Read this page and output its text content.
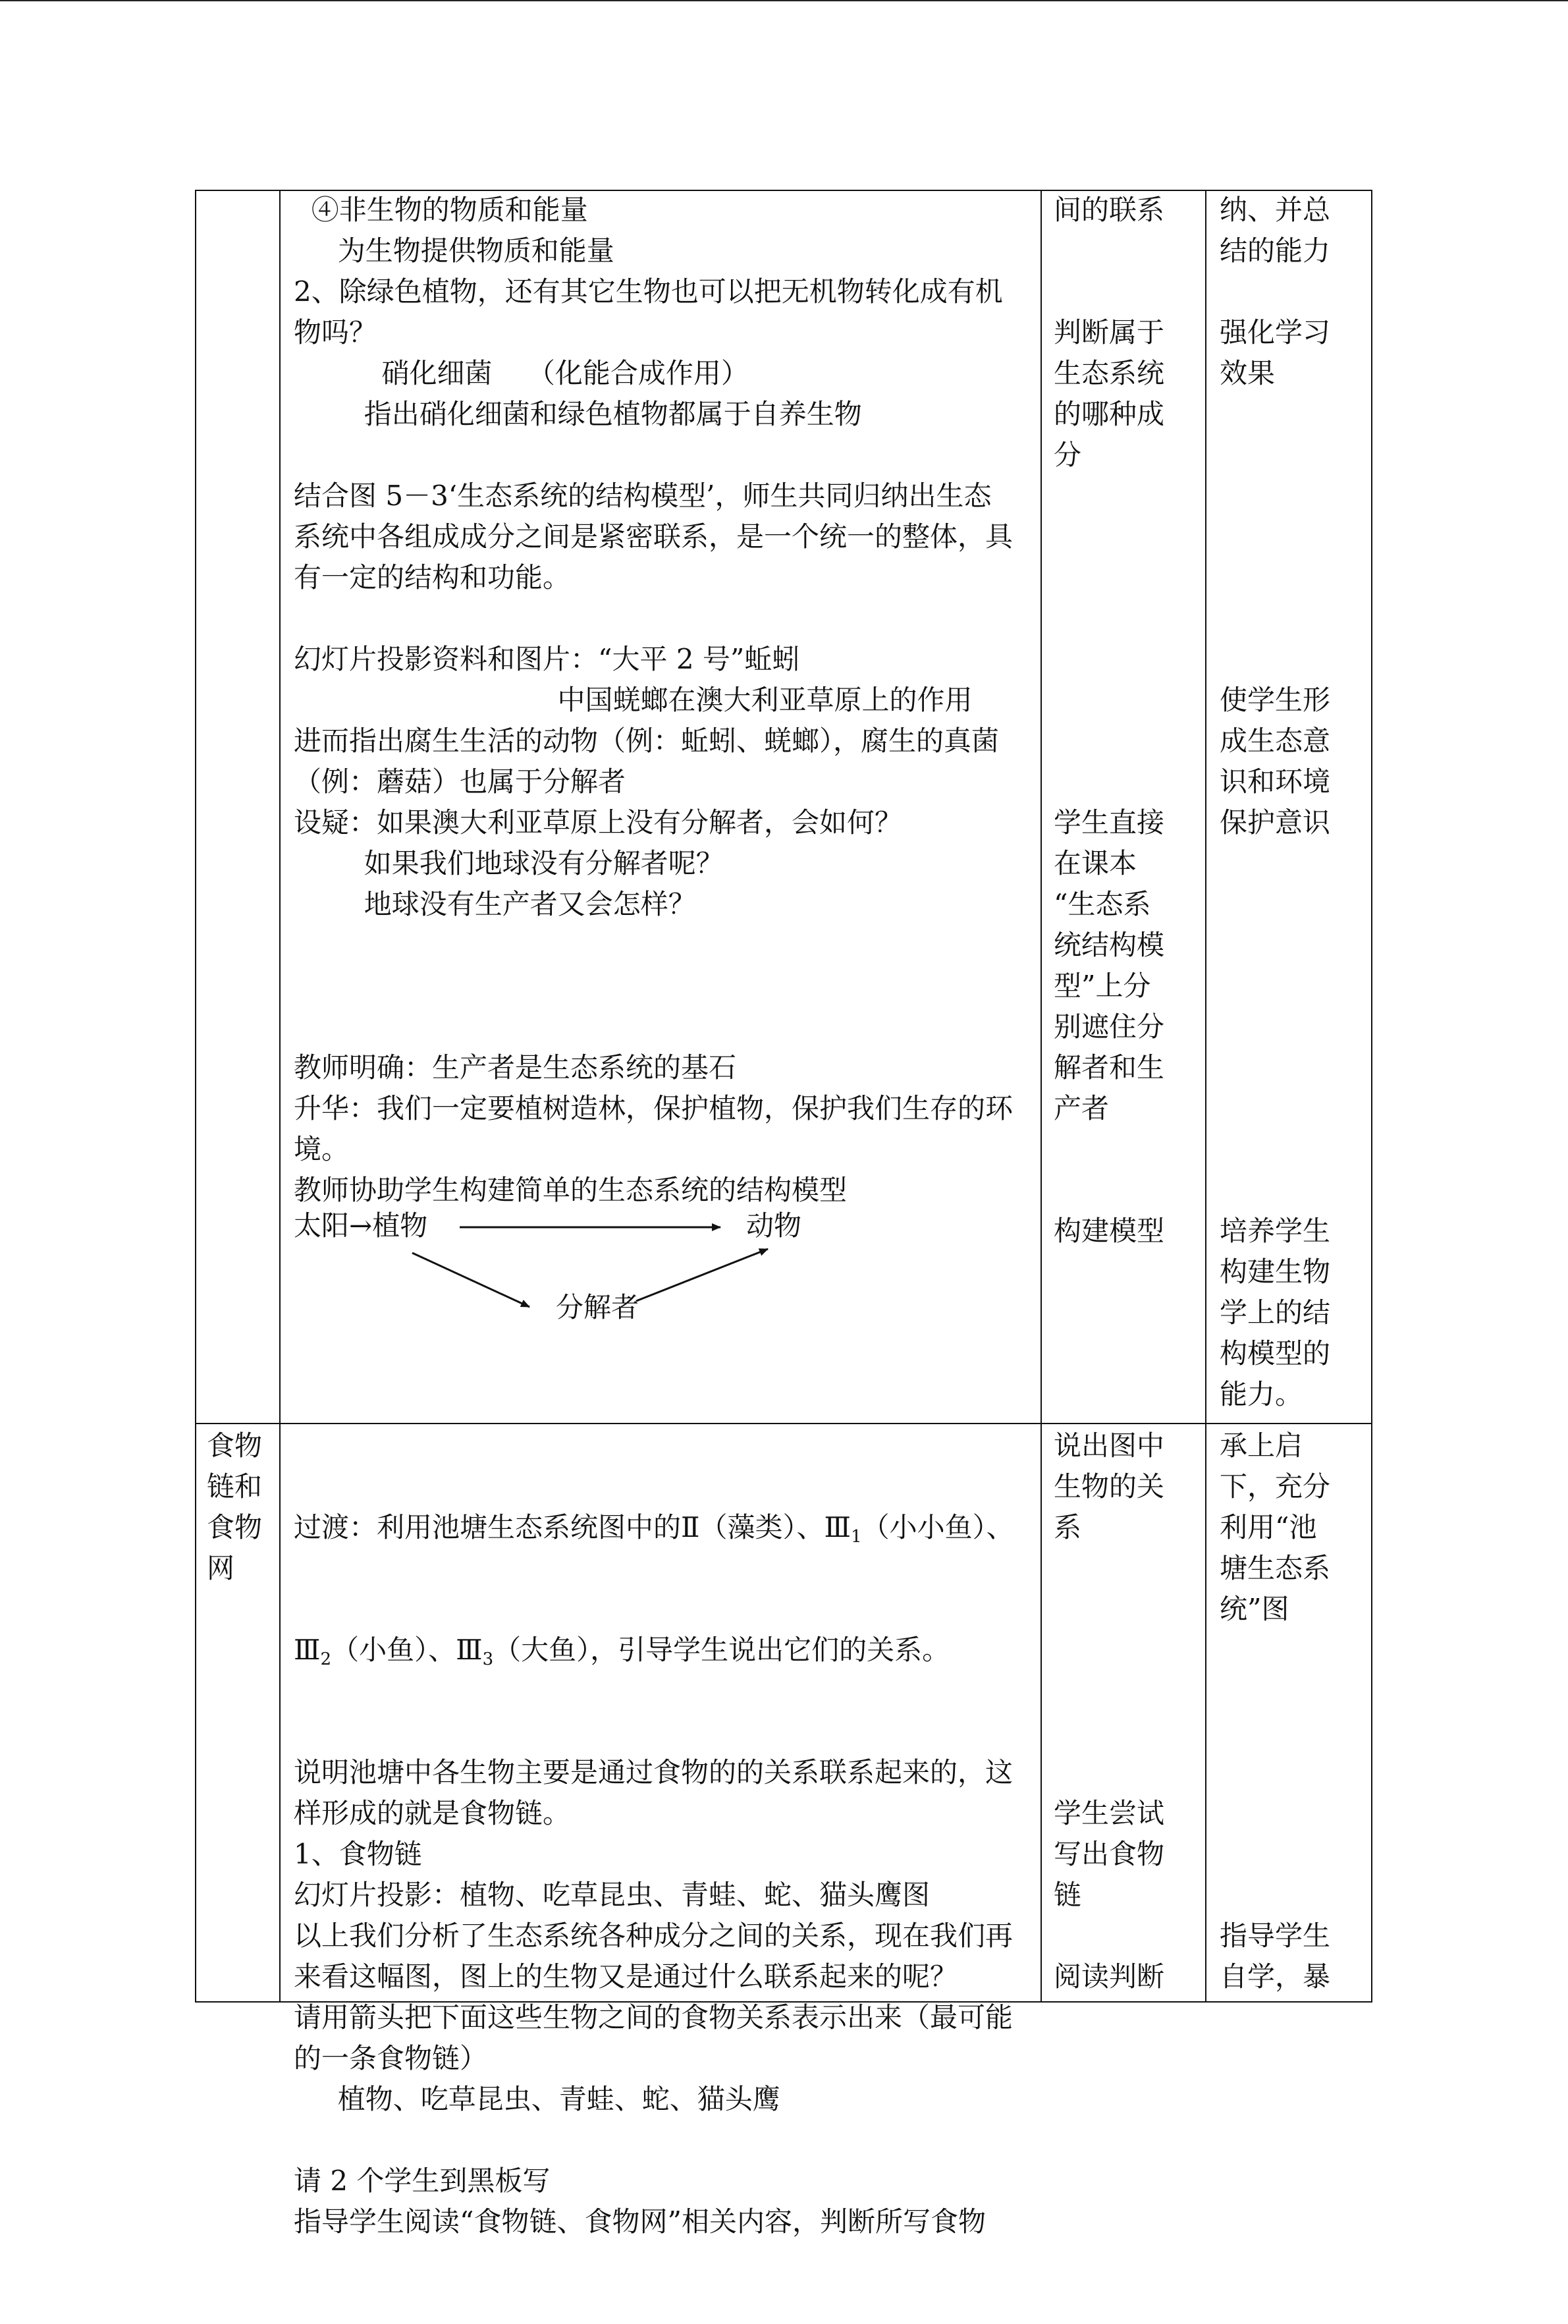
④非生物的物质和能量
为生物提供物质和能量
2、除绿色植物，还有其它生物也可以把无机物转化成有机
物吗？
硝化细菌    （化能合成作用）
指出硝化细菌和绿色植物都属于自养生物
结合图 5－3‘生态系统的结构模型’，师生共同归纳出生态
系统中各组成成分之间是紧密联系，是一个统一的整体，具
有一定的结构和功能。
幻灯片投影资料和图片：“大平 2 号”蚯蚓
中国蜣螂在澳大利亚草原上的作用
进而指出腐生生活的动物（例：蚯蚓、蜣螂），腐生的真菌
（例：蘑菇）也属于分解者
设疑：如果澳大利亚草原上没有分解者，会如何？
如果我们地球没有分解者呢？
地球没有生产者又会怎样？
教师明确：生产者是生态系统的基石
升华：我们一定要植树造林，保护植物，保护我们生存的环
境。
教师协助学生构建简单的生态系统的结构模型
太阳→植物	动物
分解者
间的联系
判断属于
生态系统
的哪种成
分
学生直接
在课本
“生态系
统结构模
型”上分
别遮住分
解者和生
产者
构建模型
纳、并总
结的能力
强化学习
效果
使学生形
成生态意
识和环境
保护意识
培养学生
构建生物
学上的结
构模型的
能力。
食物
链和
食物
网

过渡：利用池塘生态系统图中的Ⅱ（藻类）、Ⅲ1（小小鱼）、

Ⅲ2（小鱼）、Ⅲ3（大鱼），引导学生说出它们的关系。

说明池塘中各生物主要是通过食物的的关系联系起来的，这
样形成的就是食物链。
1、食物链
幻灯片投影：植物、吃草昆虫、青蛙、蛇、猫头鹰图
以上我们分析了生态系统各种成分之间的关系，现在我们再
来看这幅图，图上的生物又是通过什么联系起来的呢？
请用箭头把下面这些生物之间的食物关系表示出来（最可能
的一条食物链）
植物、吃草昆虫、青蛙、蛇、猫头鹰
请 2 个学生到黑板写
指导学生阅读“食物链、食物网”相关内容，判断所写食物

说出图中
生物的关
系
学生尝试
写出食物
链
阅读判断
承上启
下，充分
利用“池
塘生态系
统”图
指导学生
自学，暴
